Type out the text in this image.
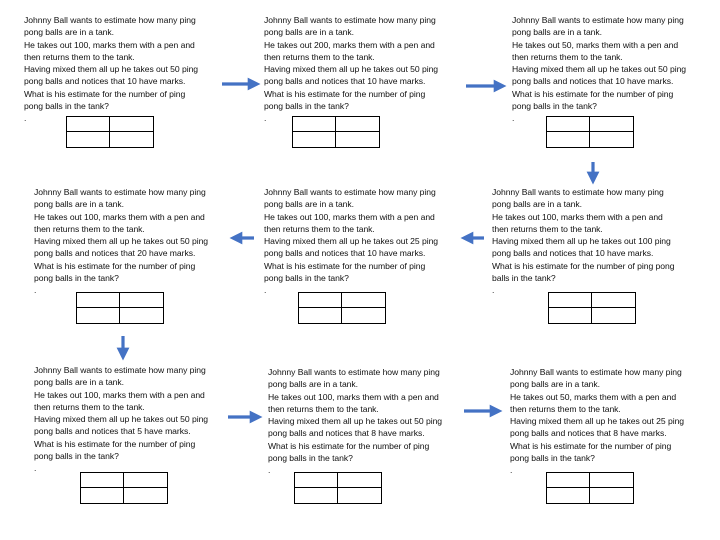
Johnny Ball wants to estimate how many ping
pong balls are in a tank.
He takes out 100, marks them with a pen and
then returns them to the tank.
Having mixed them all up he takes out 50 ping
pong balls and notices that 10 have marks.
What is his estimate for the number of ping
pong balls in the tank?
.

Johnny Ball wants to estimate how many ping
pong balls are in a tank.
He takes out 200, marks them with a pen and
then returns them to the tank.
Having mixed them all up he takes out 50 ping
pong balls and notices that 10 have marks.
What is his estimate for the number of ping
pong balls in the tank?
.

Johnny Ball wants to estimate how many ping
pong balls are in a tank.
He takes out 50, marks them with a pen and
then returns them to the tank.
Having mixed them all up he takes out 50 ping
pong balls and notices that 10 have marks.
What is his estimate for the number of ping
pong balls in the tank?
.

Johnny Ball wants to estimate how many ping
pong balls are in a tank.
He takes out 100, marks them with a pen and
then returns them to the tank.
Having mixed them all up he takes out 50 ping
pong balls and notices that 20 have marks.
What is his estimate for the number of ping
pong balls in the tank?
.

Johnny Ball wants to estimate how many ping
pong balls are in a tank.
He takes out 100, marks them with a pen and
then returns them to the tank.
Having mixed them all up he takes out 25 ping
pong balls and notices that 10 have marks.
What is his estimate for the number of ping
pong balls in the tank?
.

Johnny Ball wants to estimate how many ping
pong balls are in a tank.
He takes out 100, marks them with a pen and
then returns them to the tank.
Having mixed them all up he takes out 100 ping
pong balls and notices that 10 have marks.
What is his estimate for the number of ping pong
balls in the tank?
.

Johnny Ball wants to estimate how many ping
pong balls are in a tank.
He takes out 100, marks them with a pen and
then returns them to the tank.
Having mixed them all up he takes out 50 ping
pong balls and notices that 5 have marks.
What is his estimate for the number of ping
pong balls in the tank?
.

Johnny Ball wants to estimate how many ping
pong balls are in a tank.
He takes out 100, marks them with a pen and
then returns them to the tank.
Having mixed them all up he takes out 50 ping
pong balls and notices that 8 have marks.
What is his estimate for the number of ping
pong balls in the tank?
.

Johnny Ball wants to estimate how many ping
pong balls are in a tank.
He takes out 50, marks them with a pen and
then returns them to the tank.
Having mixed them all up he takes out 25 ping
pong balls and notices that 8 have marks.
What is his estimate for the number of ping
pong balls in the tank?
.
